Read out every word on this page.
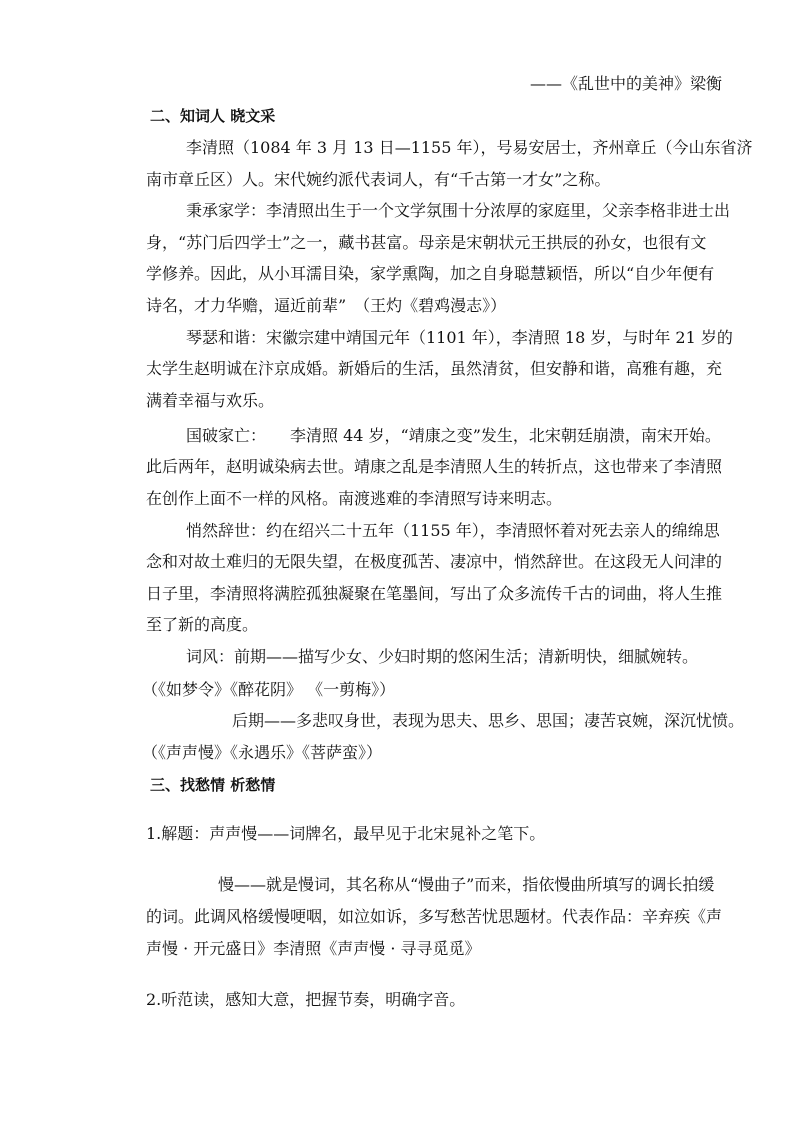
——《乱世中的美神》梁衡
二、知词人 晓文采
李清照（1084 年 3 月 13 日—1155 年），号易安居士，齐州章丘（今山东省济
南市章丘区）人。宋代婉约派代表词人，有“千古第一才女”之称。
秉承家学：李清照出生于一个文学氛围十分浓厚的家庭里，父亲李格非进士出
身，“苏门后四学士”之一，藏书甚富。母亲是宋朝状元王拱辰的孙女，也很有文
学修养。因此，从小耳濡目染，家学熏陶，加之自身聪慧颖悟，所以“自少年便有
诗名，才力华赡，逼近前辈”　（王灼《碧鸡漫志》）
琴瑟和谐：宋徽宗建中靖国元年（1101 年），李清照 18 岁，与时年 21 岁的
太学生赵明诚在汴京成婚。新婚后的生活，虽然清贫，但安静和谐，高雅有趣，充
满着幸福与欢乐。
国破家亡：　　李清照 44 岁，“靖康之变”发生，北宋朝廷崩溃，南宋开始。
此后两年，赵明诚染病去世。靖康之乱是李清照人生的转折点，这也带来了李清照
在创作上面不一样的风格。南渡逃难的李清照写诗来明志。
悄然辞世：约在绍兴二十五年（1155 年），李清照怀着对死去亲人的绵绵思
念和对故土难归的无限失望，在极度孤苦、凄凉中，悄然辞世。在这段无人问津的
日子里，李清照将满腔孤独凝聚在笔墨间，写出了众多流传千古的词曲，将人生推
至了新的高度。
词风：前期——描写少女、少妇时期的悠闲生活；清新明快，细腻婉转。
（《如梦令》《醉花阴》 《一剪梅》）
后期——多悲叹身世，表现为思夫、思乡、思国；凄苦哀婉，深沉忧愤。
（《声声慢》《永遇乐》《菩萨蛮》）
三、找愁情 析愁情
1.解题：声声慢——词牌名，最早见于北宋晁补之笔下。
慢——就是慢词，其名称从“慢曲子”而来，指依慢曲所填写的调长拍缓
的词。此调风格缓慢哽咽，如泣如诉，多写愁苦忧思题材。代表作品：辛弃疾《声
声慢 · 开元盛日》李清照《声声慢 · 寻寻觅觅》
2.听范读，感知大意，把握节奏，明确字音。
